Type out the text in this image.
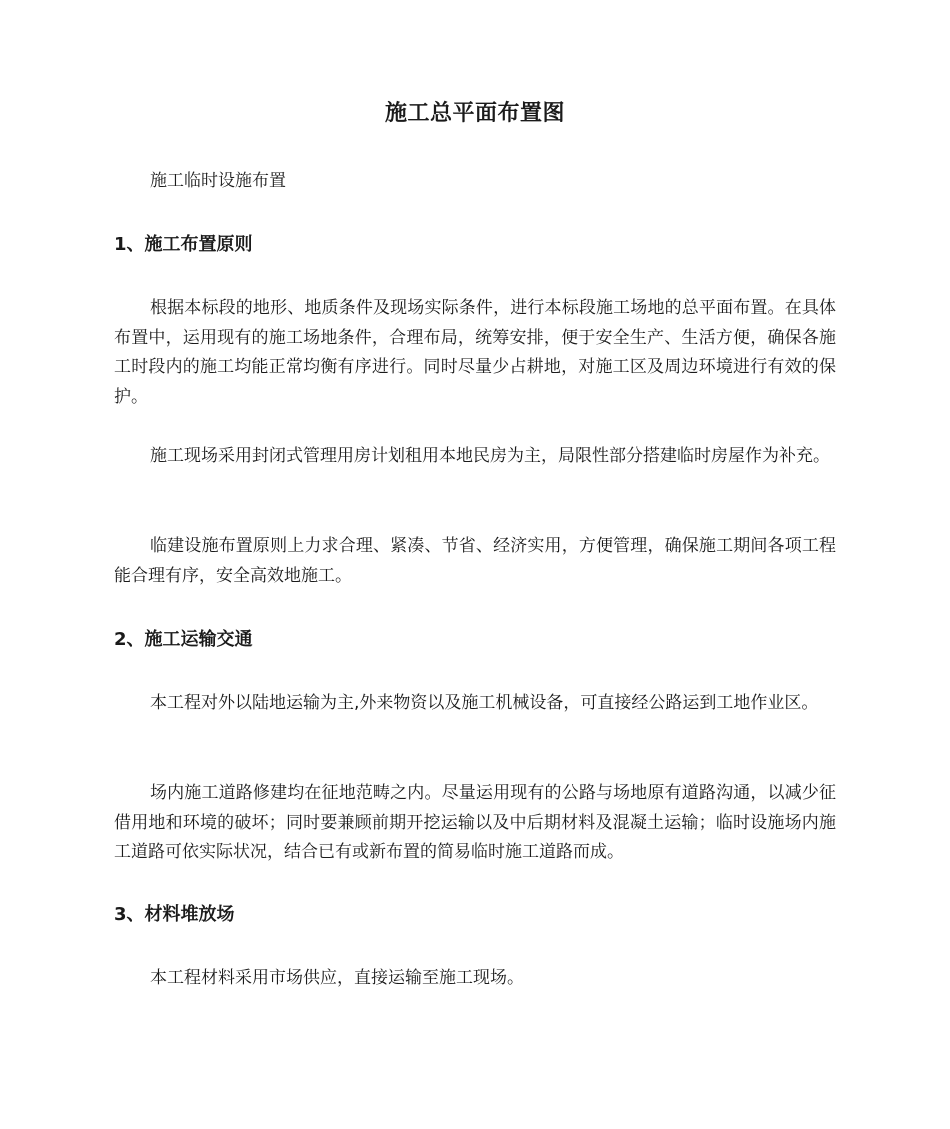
施工总平面布置图

施工临时设施布置

1、施工布置原则

根据本标段的地形、地质条件及现场实际条件，进行本标段施工场地的总平面布置。在具体布置中，运用现有的施工场地条件，合理布局，统筹安排，便于安全生产、生活方便，确保各施工时段内的施工均能正常均衡有序进行。同时尽量少占耕地，对施工区及周边环境进行有效的保护。

施工现场采用封闭式管理用房计划租用本地民房为主，局限性部分搭建临时房屋作为补充。

临建设施布置原则上力求合理、紧凑、节省、经济实用，方便管理，确保施工期间各项工程能合理有序，安全高效地施工。

2、施工运输交通

本工程对外以陆地运输为主,外来物资以及施工机械设备，可直接经公路运到工地作业区。

场内施工道路修建均在征地范畴之内。尽量运用现有的公路与场地原有道路沟通，以减少征借用地和环境的破坏；同时要兼顾前期开挖运输以及中后期材料及混凝土运输；临时设施场内施工道路可依实际状况，结合已有或新布置的简易临时施工道路而成。

3、材料堆放场

本工程材料采用市场供应，直接运输至施工现场。
